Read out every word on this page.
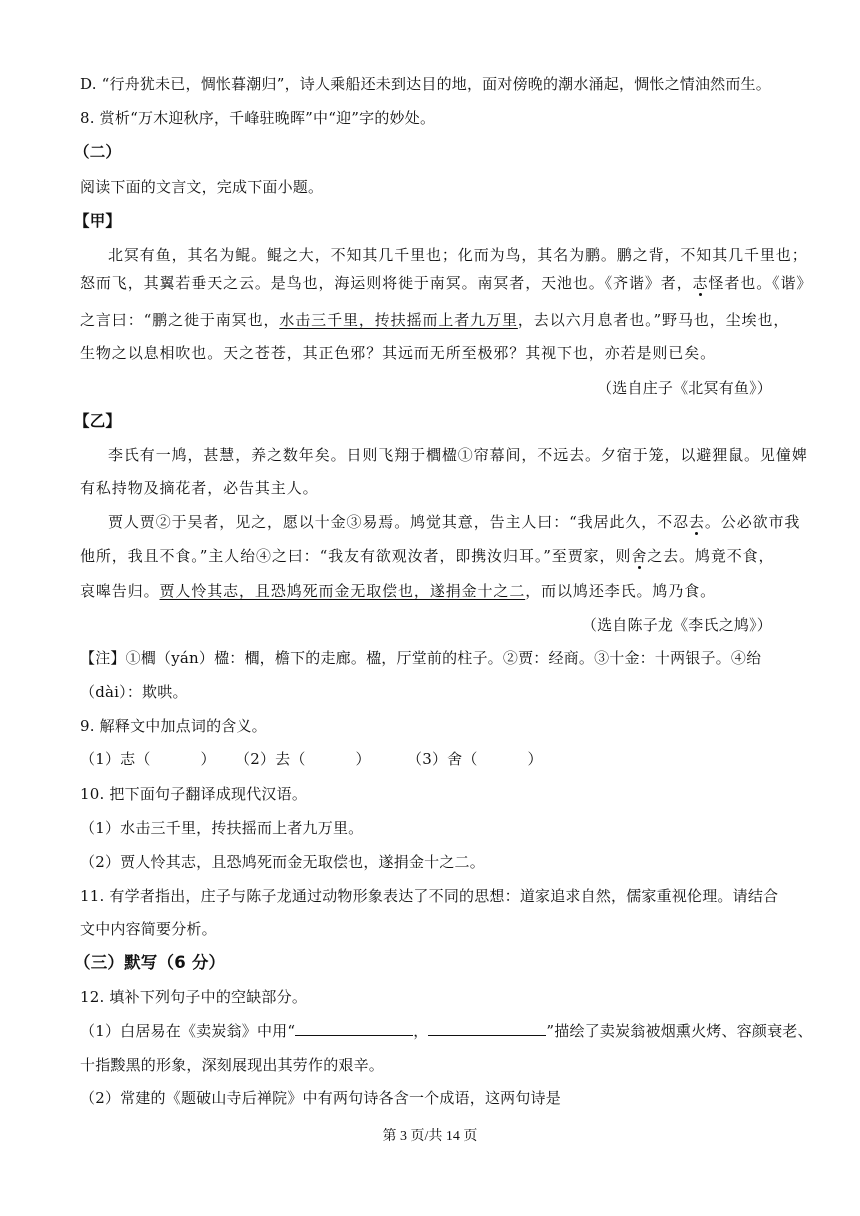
D. “行舟犹未已，惆怅暮潮归”，诗人乘船还未到达目的地，面对傍晚的潮水涌起，惆怅之情油然而生。
8. 赏析“万木迎秋序，千峰驻晚晖”中“迎”字的妙处。
（二）
阅读下面的文言文，完成下面小题。
【甲】
北冥有鱼，其名为鲲。鲲之大，不知其几千里也；化而为鸟，其名为鹏。鹏之背，不知其几千里也；
怒而飞，其翼若垂天之云。是鸟也，海运则将徙于南冥。南冥者，天池也。《齐谐》者，志怪者也。《谐》
之言曰：“鹏之徙于南冥也，水击三千里，抟扶摇而上者九万里，去以六月息者也。”野马也，尘埃也，
生物之以息相吹也。天之苍苍，其正色邪？其远而无所至极邪？其视下也，亦若是则已矣。
（选自庄子《北冥有鱼》）
【乙】
李氏有一鸠，甚慧，养之数年矣。日则飞翔于櫚楹①帘幕间，不远去。夕宿于笼，以避狸鼠。见僮婢
有私持物及摘花者，必告其主人。
贾人贾②于吴者，见之，愿以十金③易焉。鸠觉其意，告主人曰：“我居此久，不忍去。公必欲市我
他所，我且不食。”主人绐④之曰：“我友有欲观汝者，即携汝归耳。”至贾家，则舍之去。鸠竟不食，
哀嗥告归。贾人怜其志，且恐鸠死而金无取偿也，遂捐金十之二，而以鸠还李氏。鸠乃食。
（选自陈子龙《李氏之鸠》）
【注】①櫚（yán）楹：櫚，檐下的走廊。楹，厅堂前的柱子。②贾：经商。③十金：十两银子。④绐
（dài）：欺哄。
9. 解释文中加点词的含义。
（1）志（	） （2）去（	） （3）舍（	）
10. 把下面句子翻译成现代汉语。
（1）水击三千里，抟扶摇而上者九万里。
（2）贾人怜其志，且恐鸠死而金无取偿也，遂捐金十之二。
11. 有学者指出，庄子与陈子龙通过动物形象表达了不同的思想：道家追求自然，儒家重视伦理。请结合
文中内容简要分析。
（三）默写（6 分）
12. 填补下列句子中的空缺部分。
（1）白居易在《卖炭翁》中用“	，	”描绘了卖炭翁被烟熏火烤、容颜衰老、
十指黢黑的形象，深刻展现出其劳作的艰辛。
（2）常建的《题破山寺后禅院》中有两句诗各含一个成语，这两句诗是
第 3 页/共 14 页
